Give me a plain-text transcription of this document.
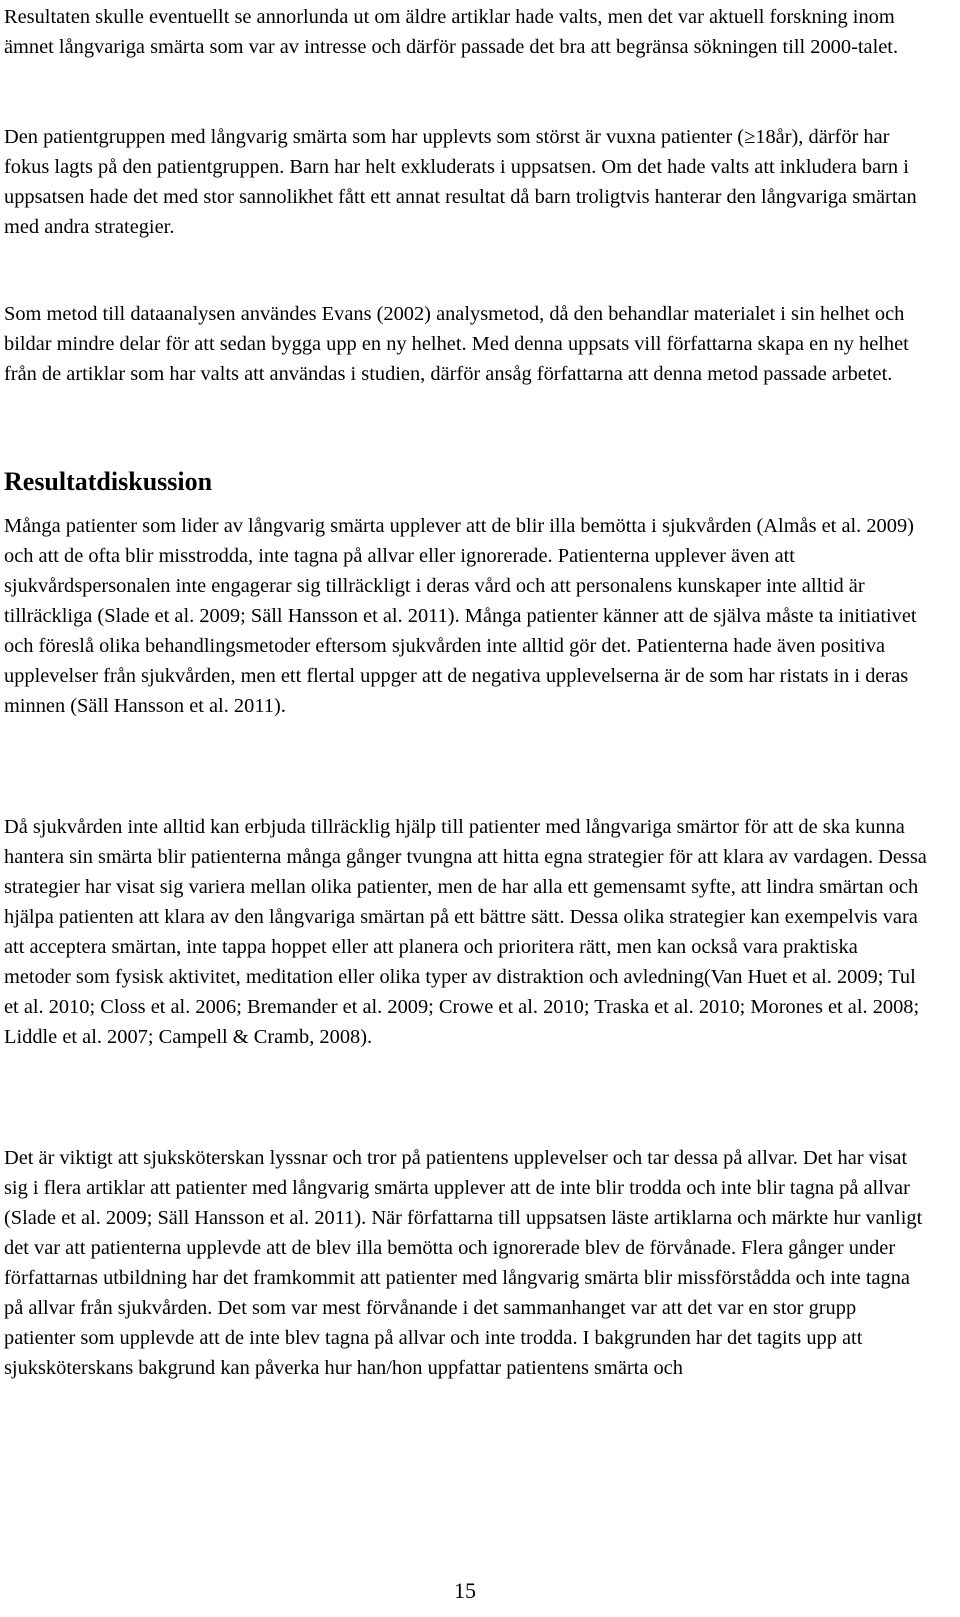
Resultaten skulle eventuellt se annorlunda ut om äldre artiklar hade valts, men det var aktuell forskning inom ämnet långvariga smärta som var av intresse och därför passade det bra att begränsa sökningen till 2000-talet.

Den patientgruppen med långvarig smärta som har upplevts som störst är vuxna patienter (≥18år), därför har fokus lagts på den patientgruppen. Barn har helt exkluderats i uppsatsen. Om det hade valts att inkludera barn i uppsatsen hade det med stor sannolikhet fått ett annat resultat då barn troligtvis hanterar den långvariga smärtan med andra strategier.

Som metod till dataanalysen användes Evans (2002) analysmetod, då den behandlar materialet i sin helhet och bildar mindre delar för att sedan bygga upp en ny helhet. Med denna uppsats vill författarna skapa en ny helhet från de artiklar som har valts att användas i studien, därför ansåg författarna att denna metod passade arbetet.

Resultatdiskussion

Många patienter som lider av långvarig smärta upplever att de blir illa bemötta i sjukvården (Almås et al. 2009) och att de ofta blir misstrodda, inte tagna på allvar eller ignorerade. Patienterna upplever även att sjukvårdspersonalen inte engagerar sig tillräckligt i deras vård och att personalens kunskaper inte alltid är tillräckliga (Slade et al. 2009; Säll Hansson et al. 2011). Många patienter känner att de själva måste ta initiativet och föreslå olika behandlingsmetoder eftersom sjukvården inte alltid gör det. Patienterna hade även positiva upplevelser från sjukvården, men ett flertal uppger att de negativa upplevelserna är de som har ristats in i deras minnen (Säll Hansson et al. 2011).

Då sjukvården inte alltid kan erbjuda tillräcklig hjälp till patienter med långvariga smärtor för att de ska kunna hantera sin smärta blir patienterna många gånger tvungna att hitta egna strategier för att klara av vardagen. Dessa strategier har visat sig variera mellan olika patienter, men de har alla ett gemensamt syfte, att lindra smärtan och hjälpa patienten att klara av den långvariga smärtan på ett bättre sätt. Dessa olika strategier kan exempelvis vara att acceptera smärtan, inte tappa hoppet eller att planera och prioritera rätt, men kan också vara praktiska metoder som fysisk aktivitet, meditation eller olika typer av distraktion och avledning(Van Huet et al. 2009; Tul et al. 2010; Closs et al. 2006; Bremander et al. 2009; Crowe et al. 2010; Traska et al. 2010; Morones et al. 2008; Liddle et al. 2007; Campell & Cramb, 2008).

Det är viktigt att sjuksköterskan lyssnar och tror på patientens upplevelser och tar dessa på allvar. Det har visat sig i flera artiklar att patienter med långvarig smärta upplever att de inte blir trodda och inte blir tagna på allvar (Slade et al. 2009; Säll Hansson et al. 2011). När författarna till uppsatsen läste artiklarna och märkte hur vanligt det var att patienterna upplevde att de blev illa bemötta och ignorerade blev de förvånade. Flera gånger under författarnas utbildning har det framkommit att patienter med långvarig smärta blir missförstådda och inte tagna på allvar från sjukvården. Det som var mest förvånande i det sammanhanget var att det var en stor grupp patienter som upplevde att de inte blev tagna på allvar och inte trodda. I bakgrunden har det tagits upp att sjuksköterskans bakgrund kan påverka hur han/hon uppfattar patientens smärta och

15
